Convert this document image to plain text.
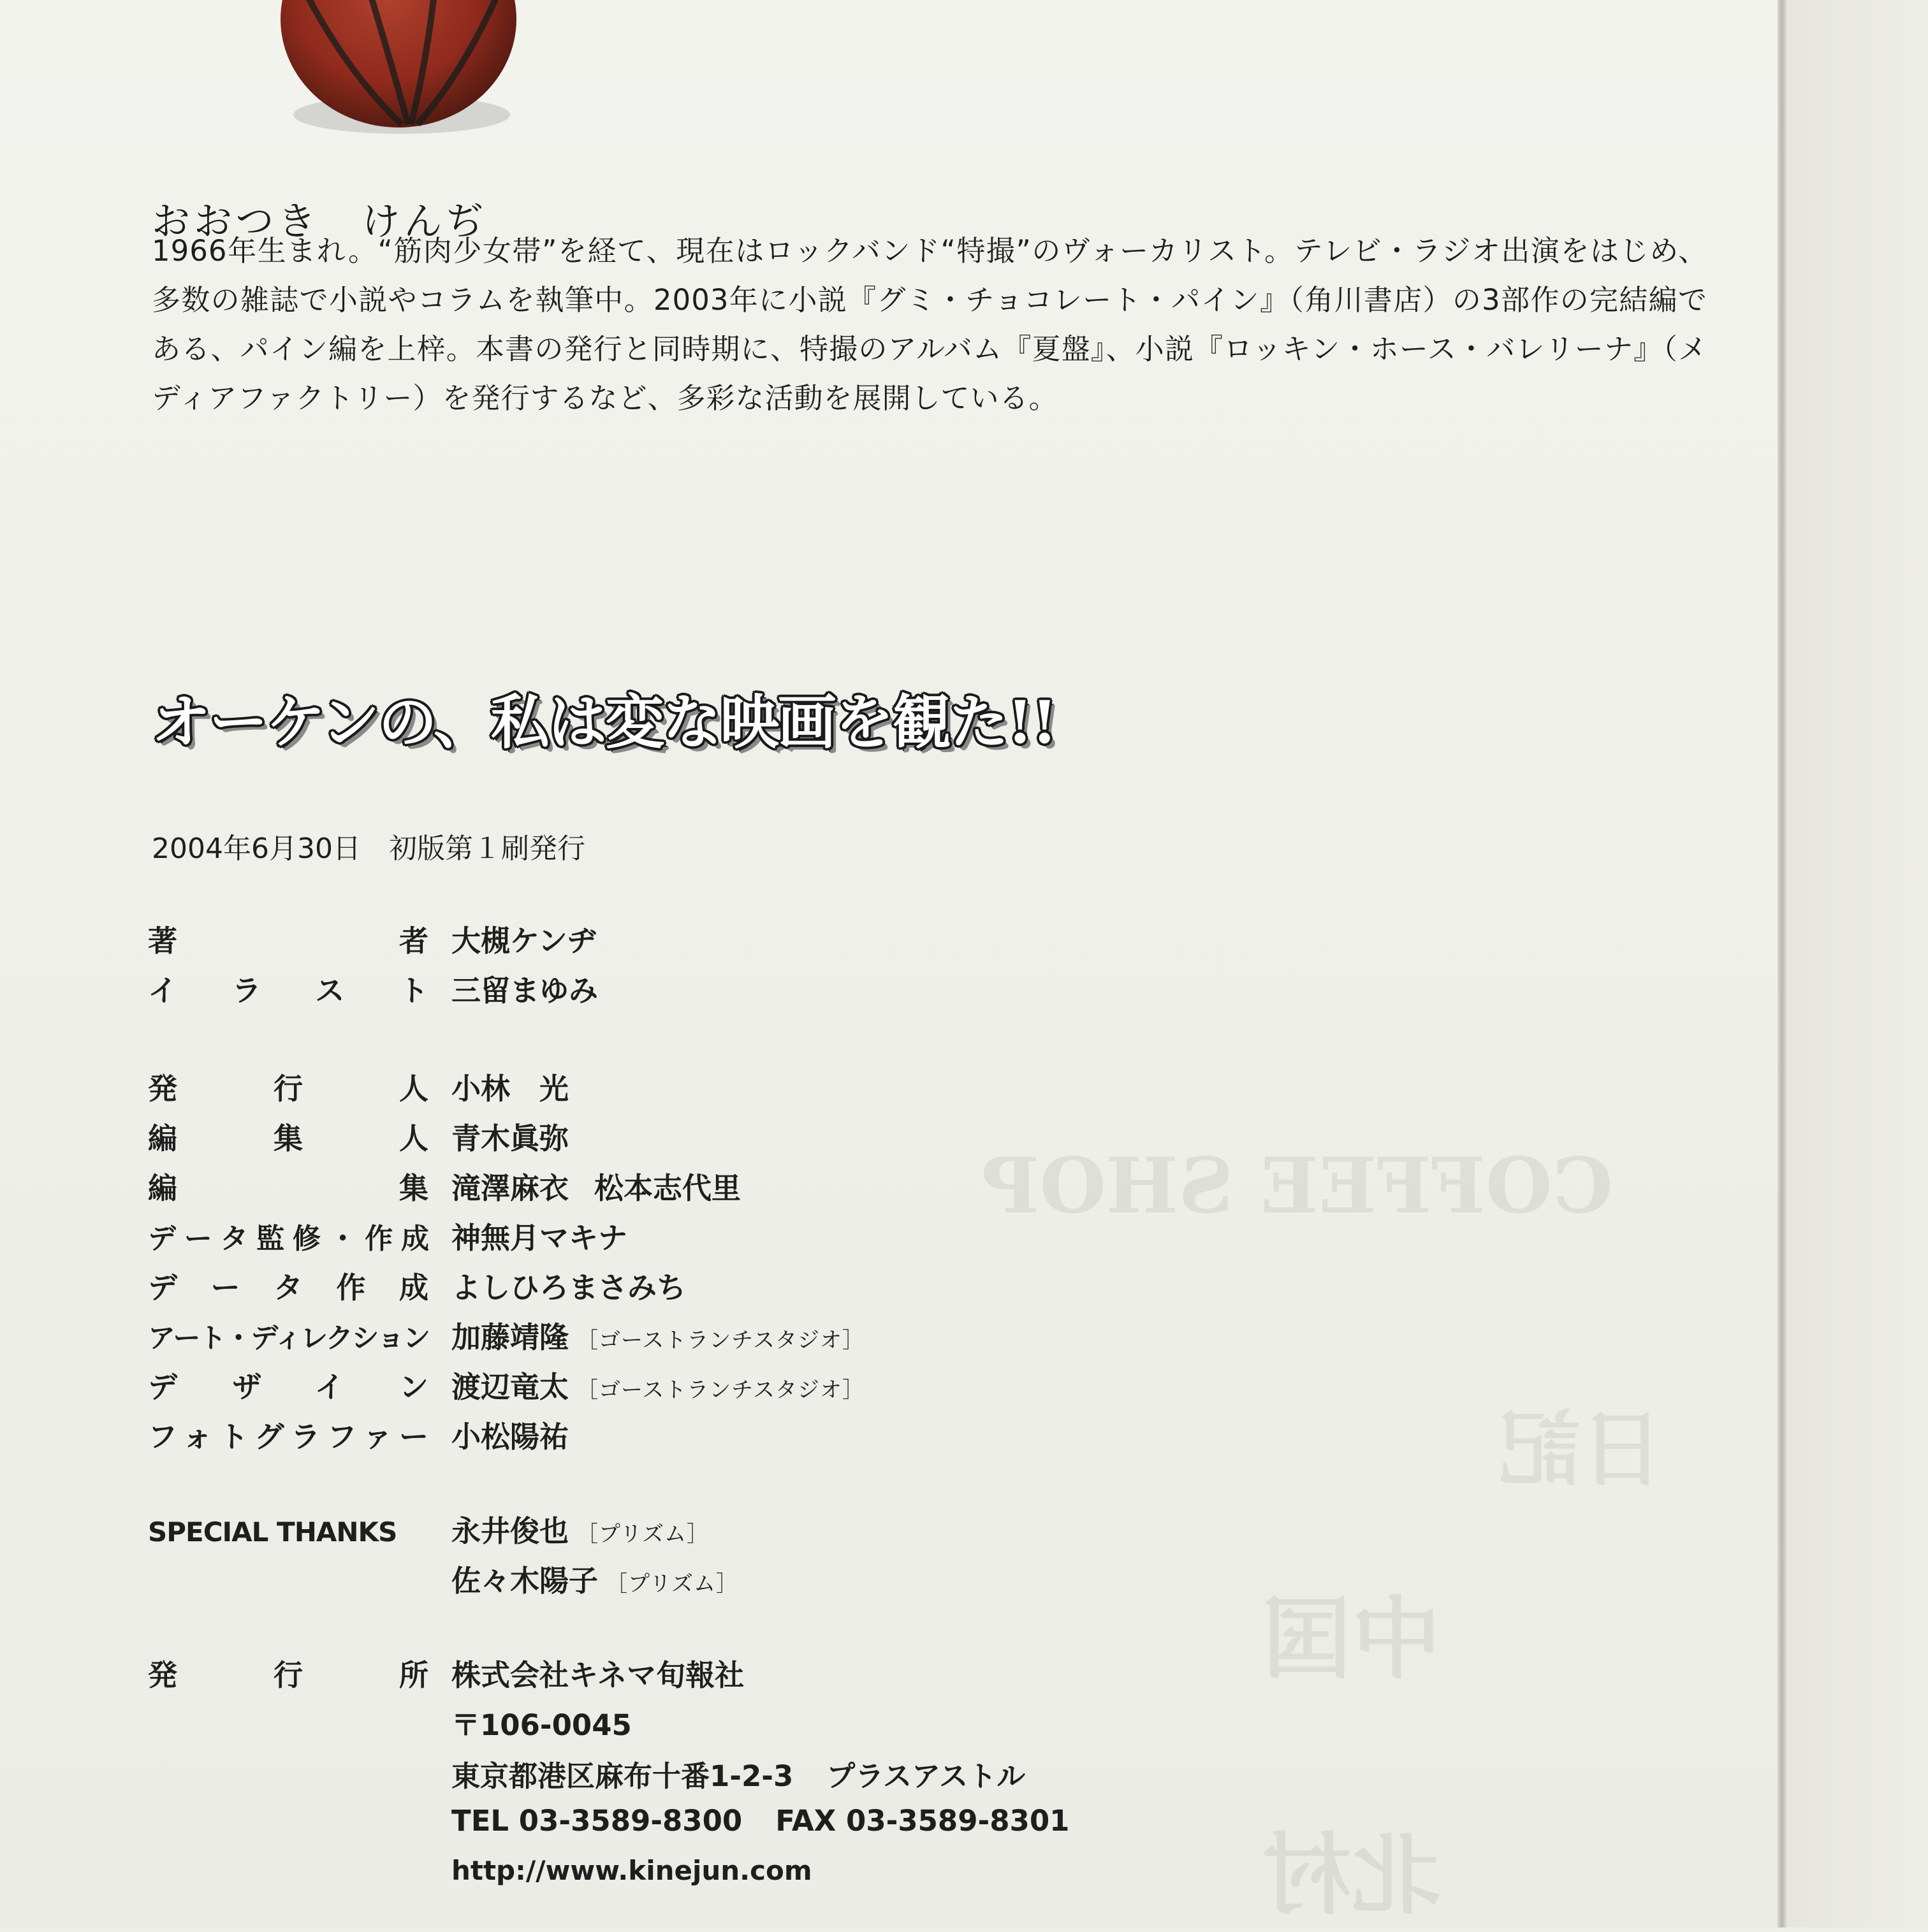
COFFEE SHOP
日記
中国
北村
おおつき　けんぢ
1966年生まれ。“筋肉少女帯”を経て、現在はロックバンド“特撮”のヴォーカリスト。テレビ・ラジオ出演をはじめ、多数の雑誌で小説やコラムを執筆中。2003年に小説『グミ・チョコレート・パイン』（角川書店）の3部作の完結編である、パイン編を上梓。本書の発行と同時期に、特撮のアルバム『夏盤』、小説『ロッキン・ホース・バレリーナ』（メディアファクトリー）を発行するなど、多彩な活動を展開している。
オーケンの、私は変な映画を観た!!
2004年6月30日　初版第１刷発行
著者 大槻ケンヂ
イラスト 三留まゆみ
発行人 小林　光
編集人 青木眞弥
編集 滝澤麻衣 松本志代里
データ監修・作成 神無月マキナ
データ作成 よしひろまさみち
アート・ディレクション 加藤靖隆 ［ゴーストランチスタジオ］
デザイン 渡辺竜太 ［ゴーストランチスタジオ］
フォトグラファー 小松陽祐
SPECIAL THANKS	永井俊也 ［プリズム］
佐々木陽子 ［プリズム］
発行所 株式会社キネマ旬報社
〒106-0045
東京都港区麻布十番1-2-3 プラスアストル
TEL 03-3589-8300 FAX 03-3589-8301
http://www.kinejun.com
